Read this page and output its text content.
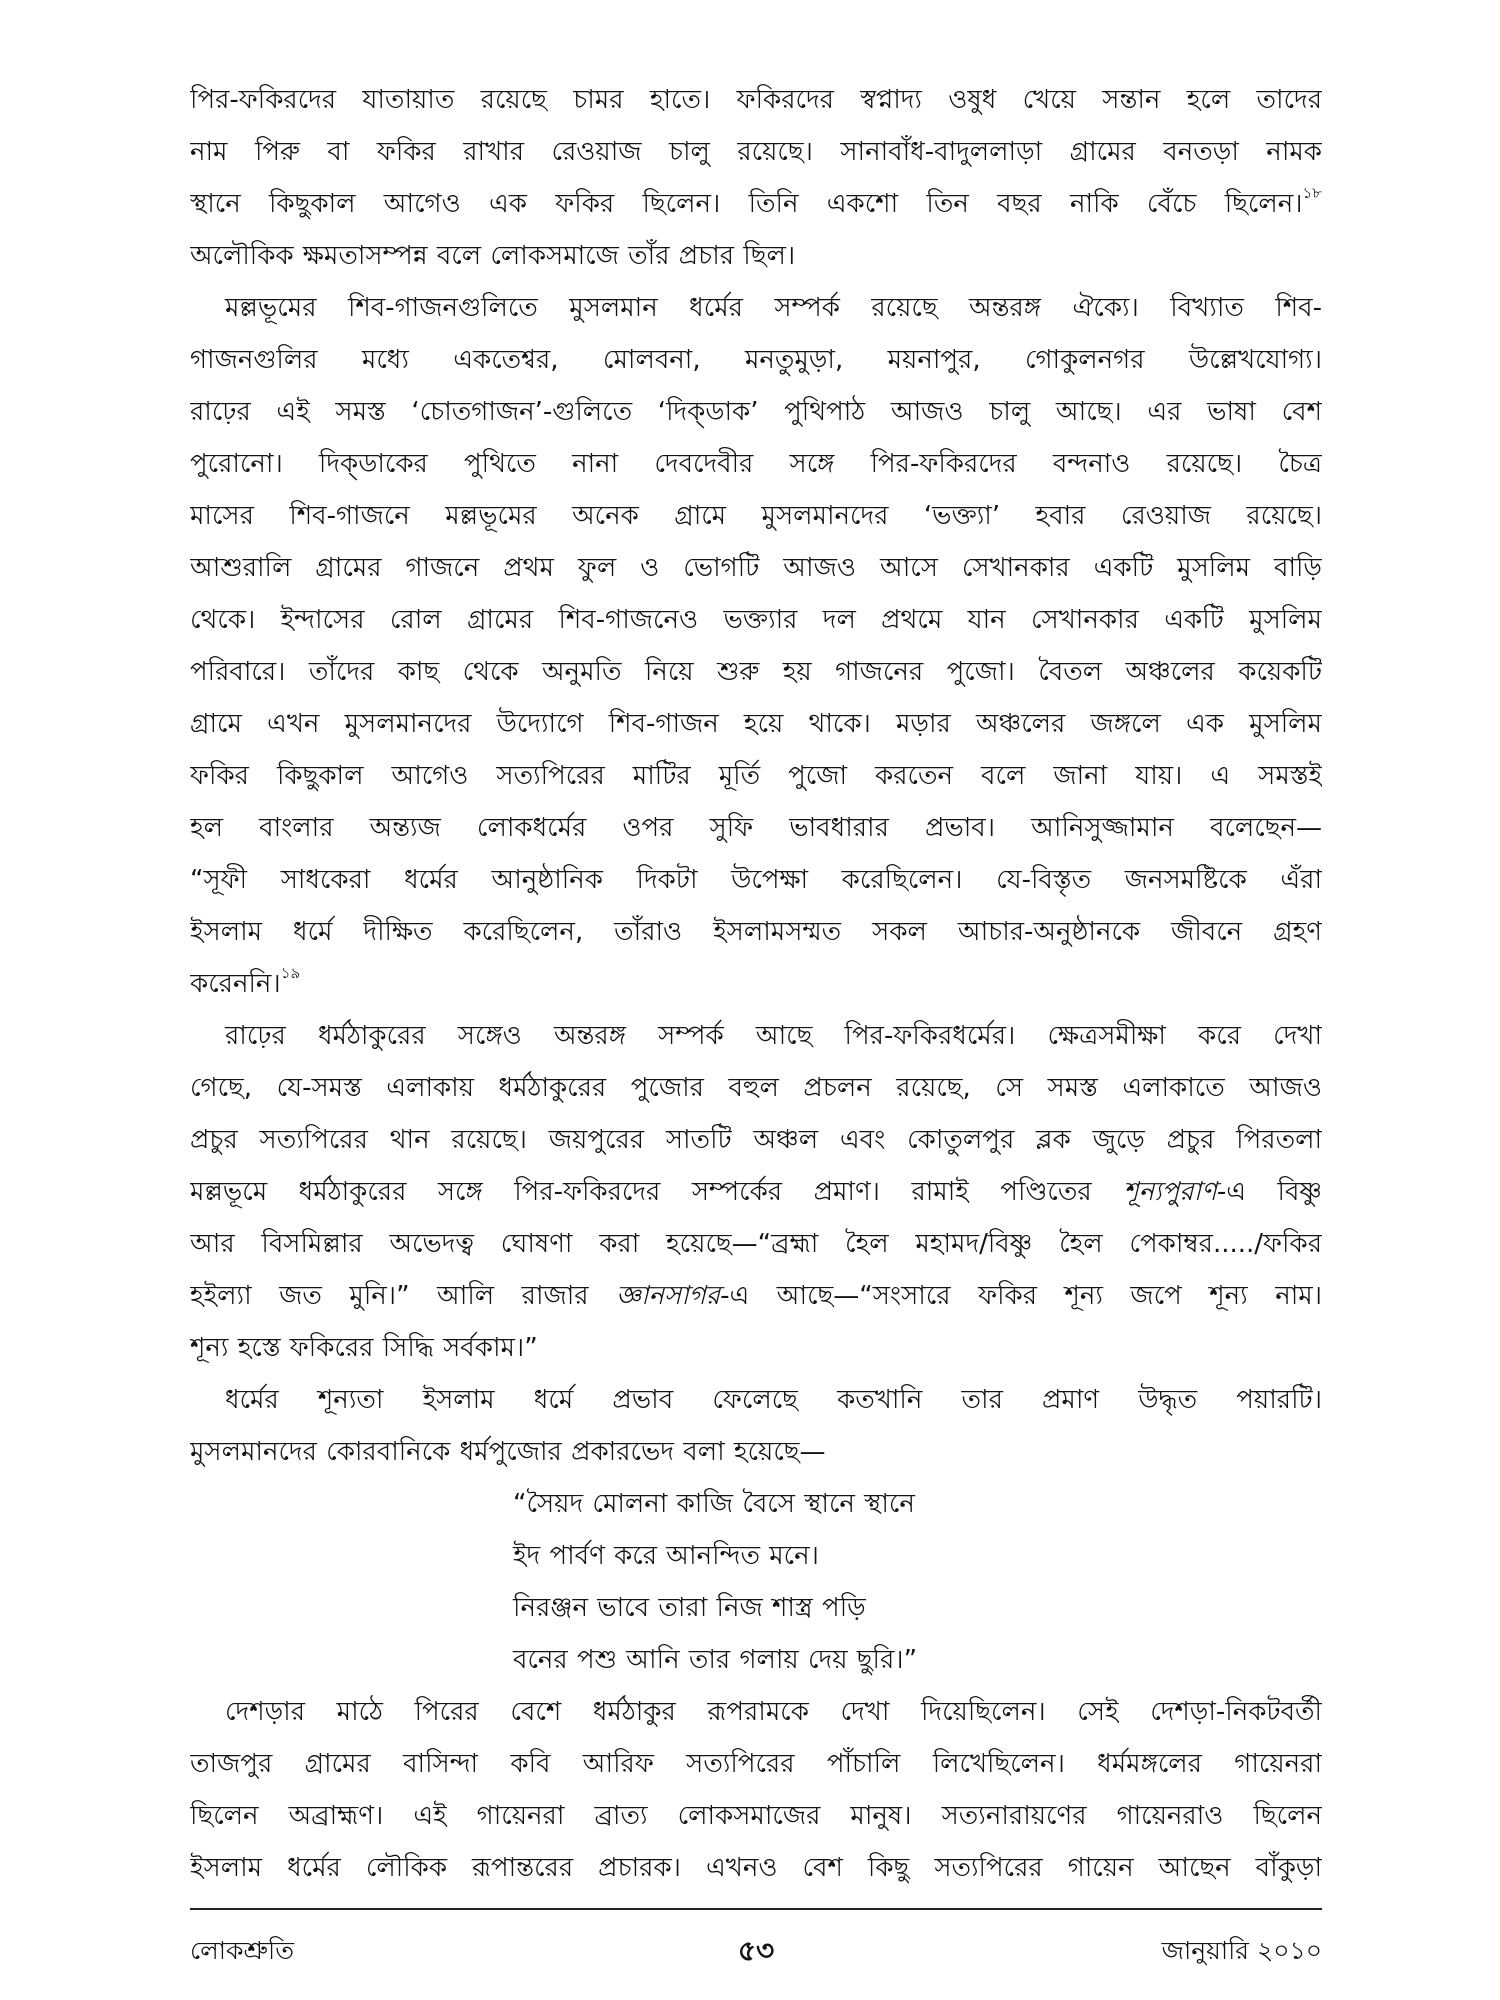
পির-ফকিরদের যাতায়াত রয়েছে চামর হাতে। ফকিরদের স্বপ্নাদ্য ওষুধ খেয়ে সন্তান হলে তাদের
নাম পিরু বা ফকির রাখার রেওয়াজ চালু রয়েছে। সানাবাঁধ-বাদুললাড়া গ্রামের বনতড়া নামক
স্থানে কিছুকাল আগেও এক ফকির ছিলেন। তিনি একশো তিন বছর নাকি বেঁচে ছিলেন।$^{১৮}$
অলৌকিক ক্ষমতাসম্পন্ন বলে লোকসমাজে তাঁর প্রচার ছিল।
মল্লভূমের শিব-গাজনগুলিতে মুসলমান ধর্মের সম্পর্ক রয়েছে অন্তরঙ্গ ঐক্যে। বিখ্যাত শিব-
গাজনগুলির মধ্যে একতেশ্বর, মোলবনা, মনতুমুড়া, ময়নাপুর, গোকুলনগর উল্লেখযোগ্য।
রাঢ়ের এই সমস্ত ‘চোতগাজন’-গুলিতে ‘দিক্‌ডাক’ পুথিপাঠ আজও চালু আছে। এর ভাষা বেশ
পুরোনো। দিক্‌ডাকের পুথিতে নানা দেবদেবীর সঙ্গে পির-ফকিরদের বন্দনাও রয়েছে। চৈত্র
মাসের শিব-গাজনে মল্লভূমের অনেক গ্রামে মুসলমানদের ‘ভক্ত্যা’ হবার রেওয়াজ রয়েছে।
আশুরালি গ্রামের গাজনে প্রথম ফুল ও ভোগটি আজও আসে সেখানকার একটি মুসলিম বাড়ি
থেকে। ইন্দাসের রোল গ্রামের শিব-গাজনেও ভক্ত্যার দল প্রথমে যান সেখানকার একটি মুসলিম
পরিবারে। তাঁদের কাছ থেকে অনুমতি নিয়ে শুরু হয় গাজনের পুজো। বৈতল অঞ্চলের কয়েকটি
গ্রামে এখন মুসলমানদের উদ্যোগে শিব-গাজন হয়ে থাকে। মড়ার অঞ্চলের জঙ্গলে এক মুসলিম
ফকির কিছুকাল আগেও সত্যপিরের মাটির মূর্তি পুজো করতেন বলে জানা যায়। এ সমস্তই
হল বাংলার অন্ত্যজ লোকধর্মের ওপর সুফি ভাবধারার প্রভাব। আনিসুজ্জামান বলেছেন—
“সূফী সাধকেরা ধর্মের আনুষ্ঠানিক দিকটা উপেক্ষা করেছিলেন। যে-বিস্তৃত জনসমষ্টিকে এঁরা
ইসলাম ধর্মে দীক্ষিত করেছিলেন, তাঁরাও ইসলামসম্মত সকল আচার-অনুষ্ঠানকে জীবনে গ্রহণ
করেননি।$^{১৯}$
রাঢ়ের ধর্মঠাকুরের সঙ্গেও অন্তরঙ্গ সম্পর্ক আছে পির-ফকিরধর্মের। ক্ষেত্রসমীক্ষা করে দেখা
গেছে, যে-সমস্ত এলাকায় ধর্মঠাকুরের পুজোর বহুল প্রচলন রয়েছে, সে সমস্ত এলাকাতে আজও
প্রচুর সত্যপিরের থান রয়েছে। জয়পুরের সাতটি অঞ্চল এবং কোতুলপুর ব্লক জুড়ে প্রচুর পিরতলা
মল্লভূমে ধর্মঠাকুরের সঙ্গে পির-ফকিরদের সম্পর্কের প্রমাণ। রামাই পণ্ডিতের শূন্যপুরাণ-এ বিষ্ণু
আর বিসমিল্লার অভেদত্ব ঘোষণা করা হয়েছে—“ব্রহ্মা হৈল মহামদ/বিষ্ণু হৈল পেকাম্বর...../ফকির
হইল্যা জত মুনি।” আলি রাজার জ্ঞানসাগর-এ আছে—“সংসারে ফকির শূন্য জপে শূন্য নাম।
শূন্য হস্তে ফকিরের সিদ্ধি সর্বকাম।”
ধর্মের শূন্যতা ইসলাম ধর্মে প্রভাব ফেলেছে কতখানি তার প্রমাণ উদ্ধৃত পয়ারটি।
মুসলমানদের কোরবানিকে ধর্মপুজোর প্রকারভেদ বলা হয়েছে—
“সৈয়দ মোলনা কাজি বৈসে স্থানে স্থানে
ইদ পার্বণ করে আনন্দিত মনে।
নিরঞ্জন ভাবে তারা নিজ শাস্ত্র পড়ি
বনের পশু আনি তার গলায় দেয় ছুরি।”
দেশড়ার মাঠে পিরের বেশে ধর্মঠাকুর রূপরামকে দেখা দিয়েছিলেন। সেই দেশড়া-নিকটবর্তী
তাজপুর গ্রামের বাসিন্দা কবি আরিফ সত্যপিরের পাঁচালি লিখেছিলেন। ধর্মমঙ্গলের গায়েনরা
ছিলেন অব্রাহ্মণ। এই গায়েনরা ব্রাত্য লোকসমাজের মানুষ। সত্যনারায়ণের গায়েনরাও ছিলেন
ইসলাম ধর্মের লৌকিক রূপান্তরের প্রচারক। এখনও বেশ কিছু সত্যপিরের গায়েন আছেন বাঁকুড়া
লোকশ্রুতি	৫৩	জানুয়ারি ২০১০
